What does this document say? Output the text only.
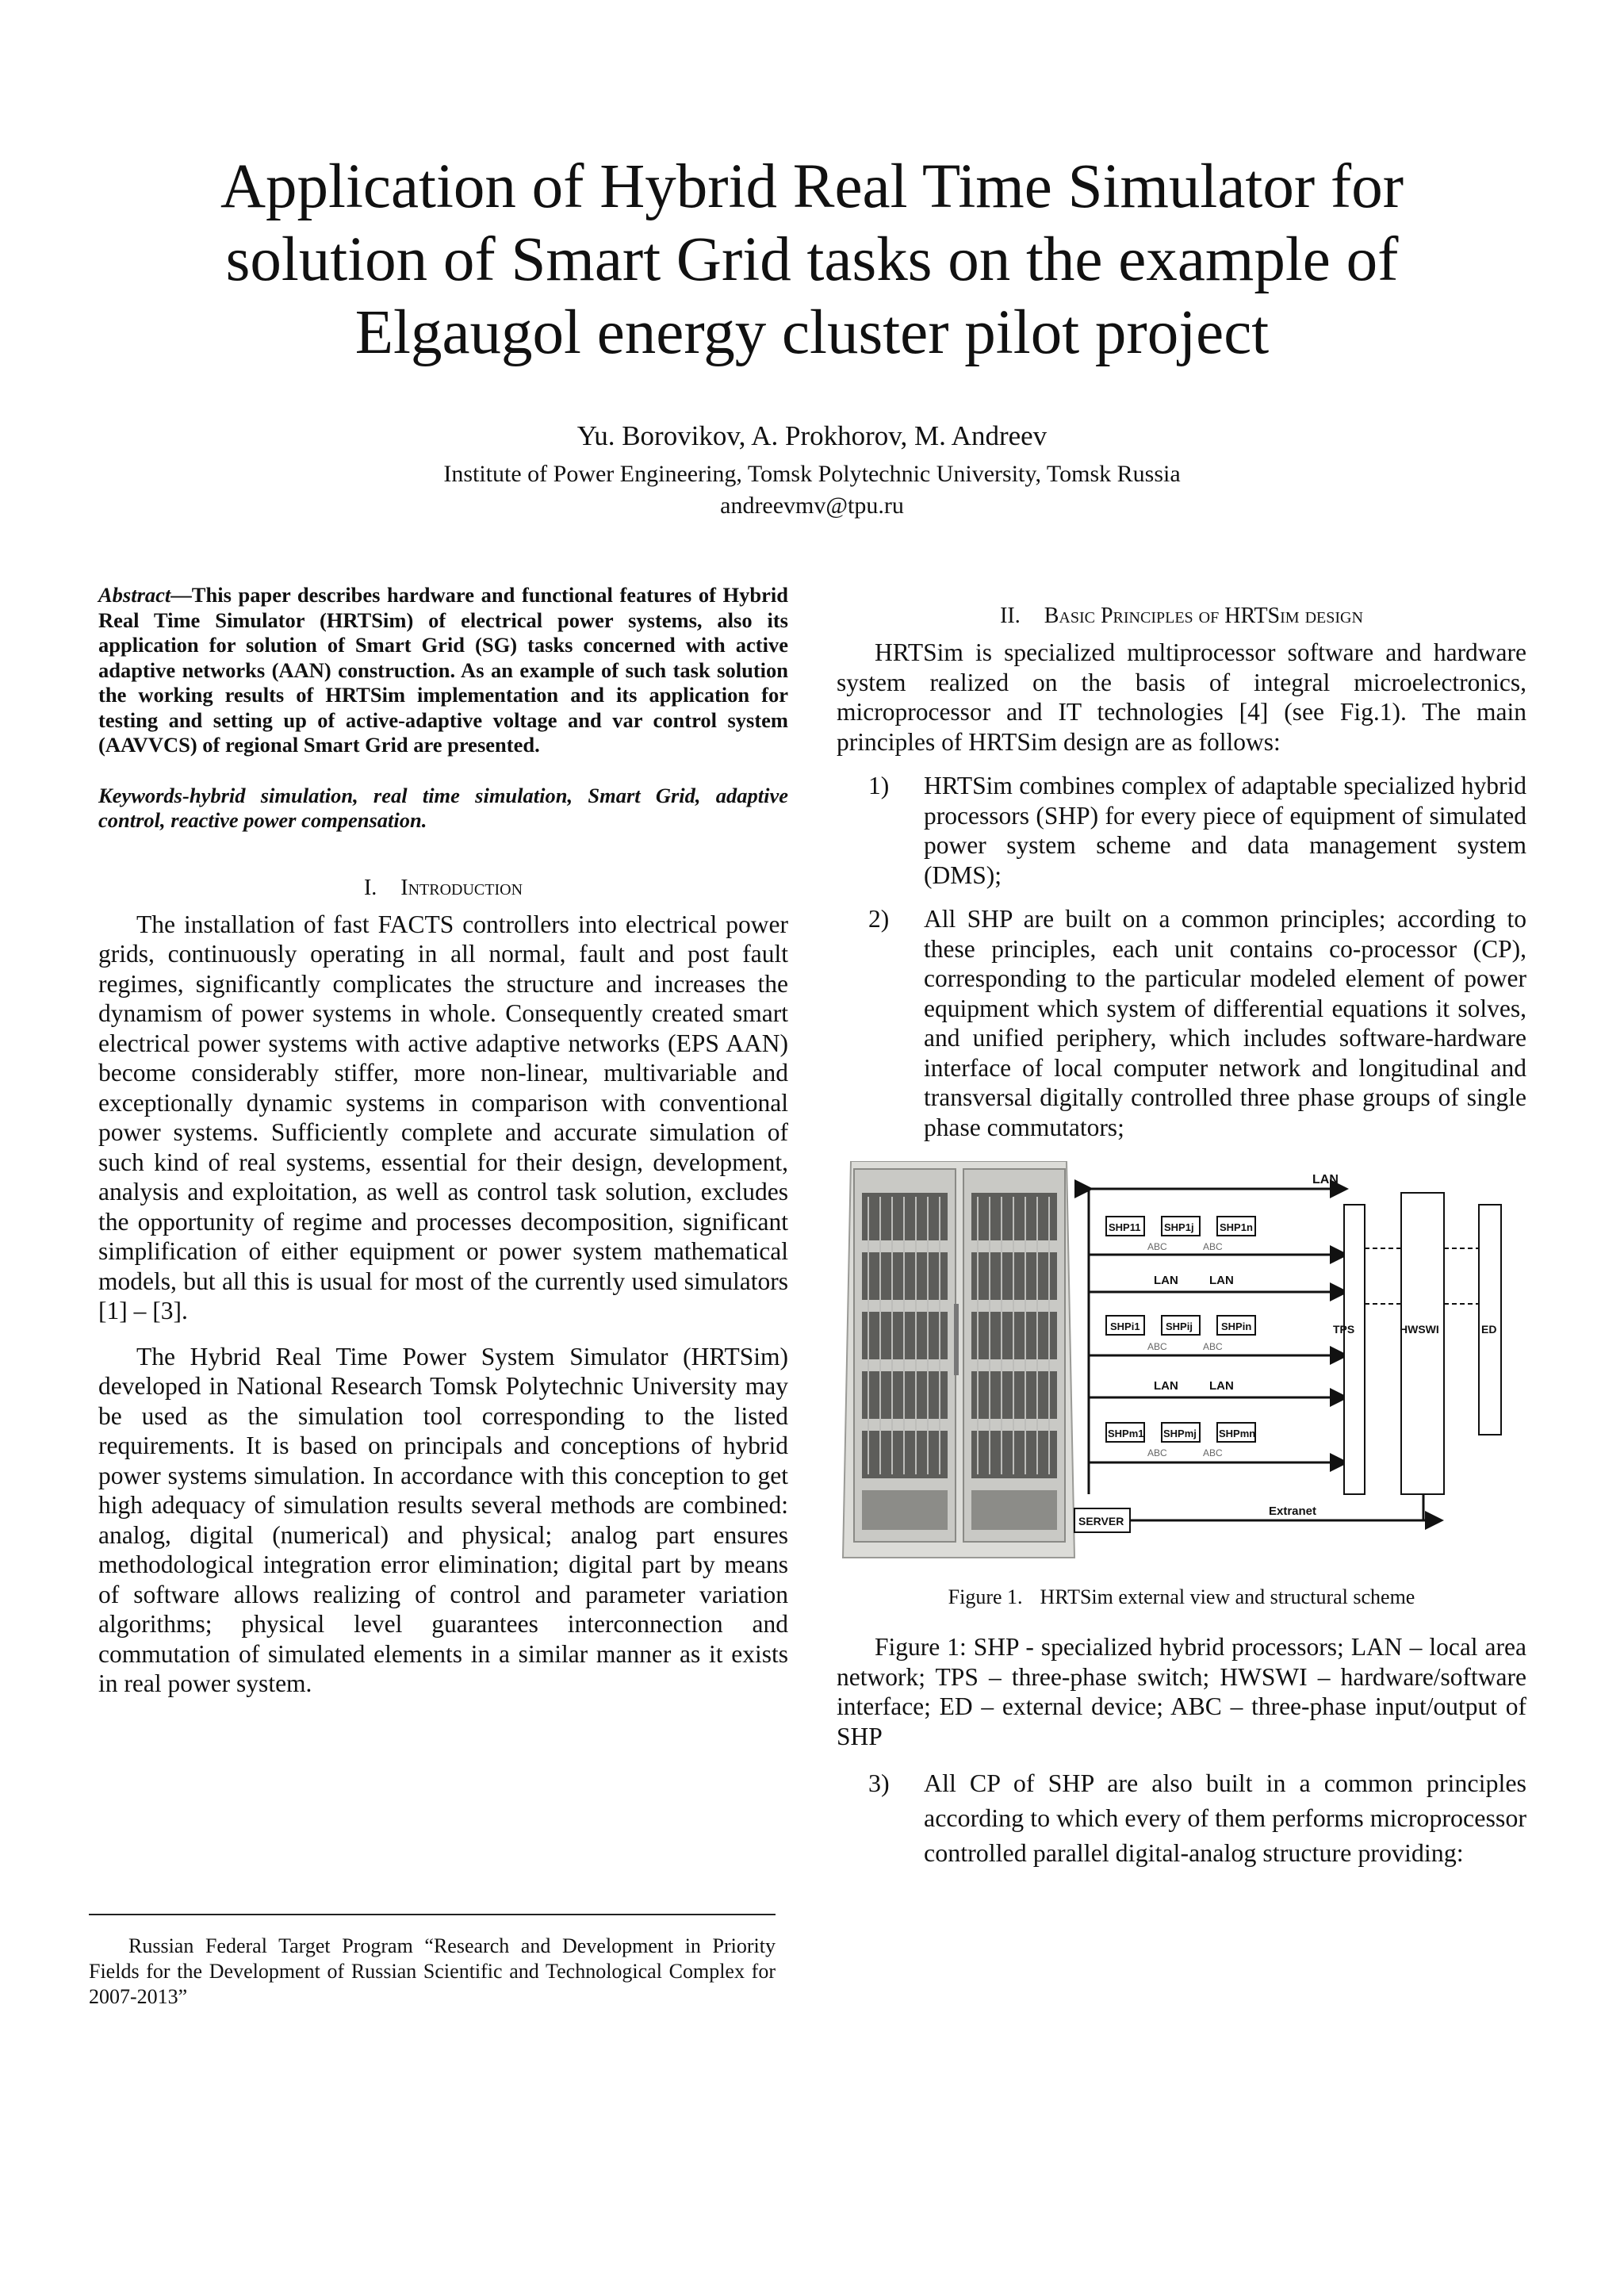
Application of Hybrid Real Time Simulator for solution of Smart Grid tasks on the example of Elgaugol energy cluster pilot project
Yu. Borovikov, A. Prokhorov, M. Andreev
Institute of Power Engineering, Tomsk Polytechnic University, Tomsk Russia
andreevmv@tpu.ru

Abstract—This paper describes hardware and functional features of Hybrid Real Time Simulator (HRTSim) of electrical power systems, also its application for solution of Smart Grid (SG) tasks concerned with active adaptive networks (AAN) construction. As an example of such task solution the working results of HRTSim implementation and its application for testing and setting up of active-adaptive voltage and var control system (AAVVCS) of regional Smart Grid are presented.

Keywords-hybrid simulation, real time simulation, Smart Grid, adaptive control, reactive power compensation.

I. Introduction

The installation of fast FACTS controllers into electrical power grids, continuously operating in all normal, fault and post fault regimes, significantly complicates the structure and increases the dynamism of power systems in whole. Consequently created smart electrical power systems with active adaptive networks (EPS AAN) become considerably stiffer, more non-linear, multivariable and exceptionally dynamic systems in comparison with conventional power systems. Sufficiently complete and accurate simulation of such kind of real systems, essential for their design, development, analysis and exploitation, as well as control task solution, excludes the opportunity of regime and processes decomposition, significant simplification of either equipment or power system mathematical models, but all this is usual for most of the currently used simulators [1] – [3].

The Hybrid Real Time Power System Simulator (HRTSim) developed in National Research Tomsk Polytechnic University may be used as the simulation tool corresponding to the listed requirements. It is based on principals and conceptions of hybrid power systems simulation. In accordance with this conception to get high adequacy of simulation results several methods are combined: analog, digital (numerical) and physical; analog part ensures methodological integration error elimination; digital part by means of software allows realizing of control and parameter variation algorithms; physical level guarantees interconnection and commutation of simulated elements in a similar manner as it exists in real power system.

Russian Federal Target Program “Research and Development in Priority Fields for the Development of Russian Scientific and Technological Complex for 2007-2013”
II. Basic Principles of HRTSim design

HRTSim is specialized multiprocessor software and hardware system realized on the basis of integral microelectronics, microprocessor and IT technologies [4] (see Fig.1). The main principles of HRTSim design are as follows:

1)	HRTSim combines complex of adaptable specialized hybrid processors (SHP) for every piece of equipment of simulated power system scheme and data management system (DMS);
2)	All SHP are built on a common principles; according to these principles, each unit contains co-processor (CP), corresponding to the particular modeled element of power equipment which system of differential equations it solves, and unified periphery, which includes software-hardware interface of local computer network and longitudinal and transversal digitally controlled three phase groups of single phase commutators;
LAN
SHP11 SHP1j SHP1n
ABC	ABC
LAN	LAN
SHPi1 SHPij	SHPin
ABC	ABC
LAN	LAN
SHPm1 SHPmj SHPmn
ABC	ABC
TPS	HWSWI	ED
SERVER
Extranet
Figure 1. HRTSim external view and structural scheme

Figure 1: SHP - specialized hybrid processors; LAN – local area network; TPS – three-phase switch; HWSWI – hardware/software interface; ED – external device; ABC – three-phase input/output of SHP

3)	All CP of SHP are also built in a common principles according to which every of them performs microprocessor controlled parallel digital-analog structure providing:
